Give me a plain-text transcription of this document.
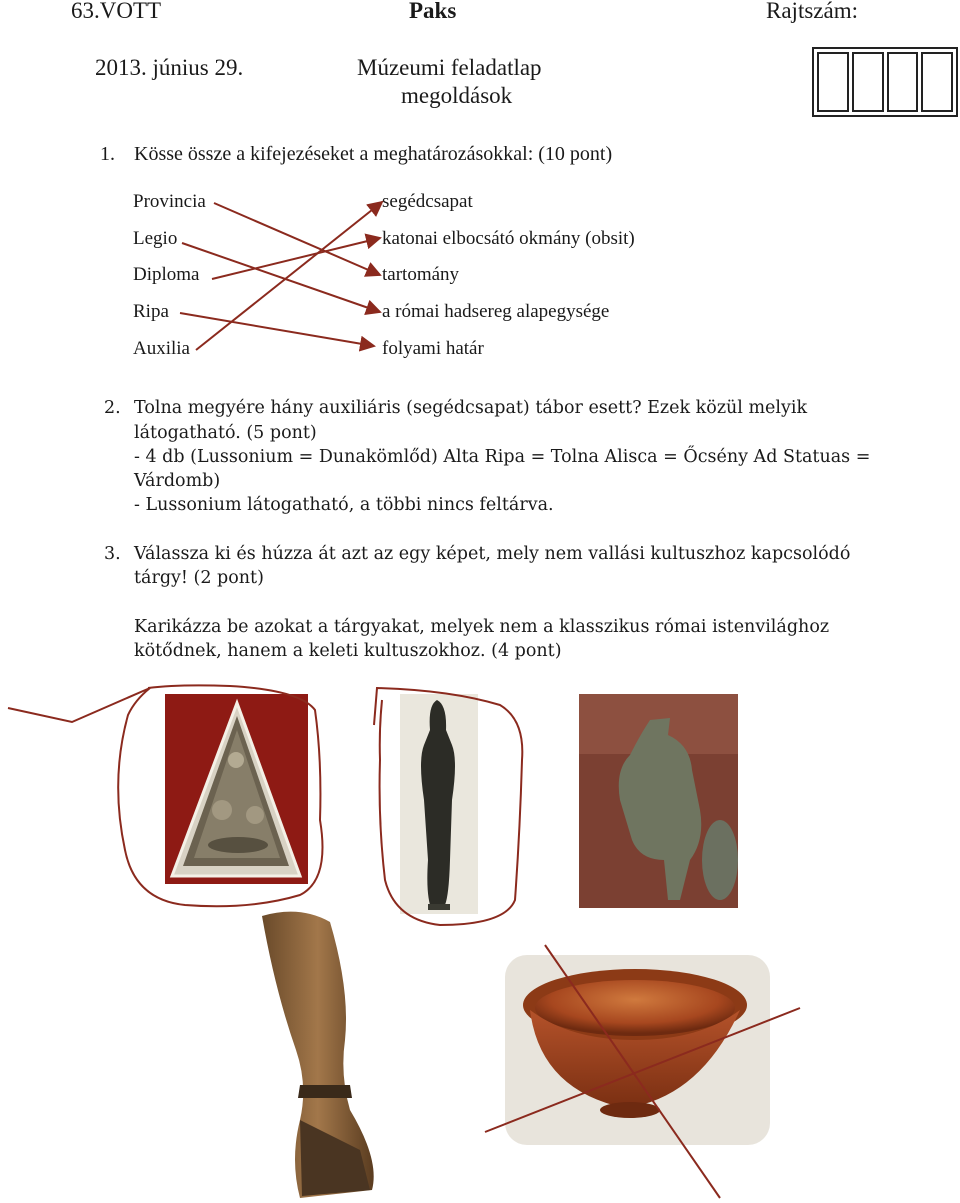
63.VOTT	Paks	Rajtszám:
2013. június 29.	Múzeumi feladatlap
megoldások
1. Kösse össze a kifejezéseket a meghatározásokkal: (10 pont)
Provincia
Legio
Diploma
Ripa
Auxilia
segédcsapat
katonai elbocsátó okmány (obsit)
tartomány
a római hadsereg alapegysége
folyami határ
2. Tolna megyére hány auxiliáris (segédcsapat) tábor esett? Ezek közül melyik
látogatható. (5 pont)
- 4 db (Lussonium = Dunakömlőd) Alta Ripa = Tolna Alisca = Őcsény Ad Statuas =
Várdomb)
- Lussonium látogatható, a többi nincs feltárva.
3. Válassza ki és húzza át azt az egy képet, mely nem vallási kultuszhoz kapcsolódó
tárgy! (2 pont)
Karikázza be azokat a tárgyakat, melyek nem a klasszikus római istenvilághoz
kötődnek, hanem a keleti kultuszokhoz. (4 pont)
